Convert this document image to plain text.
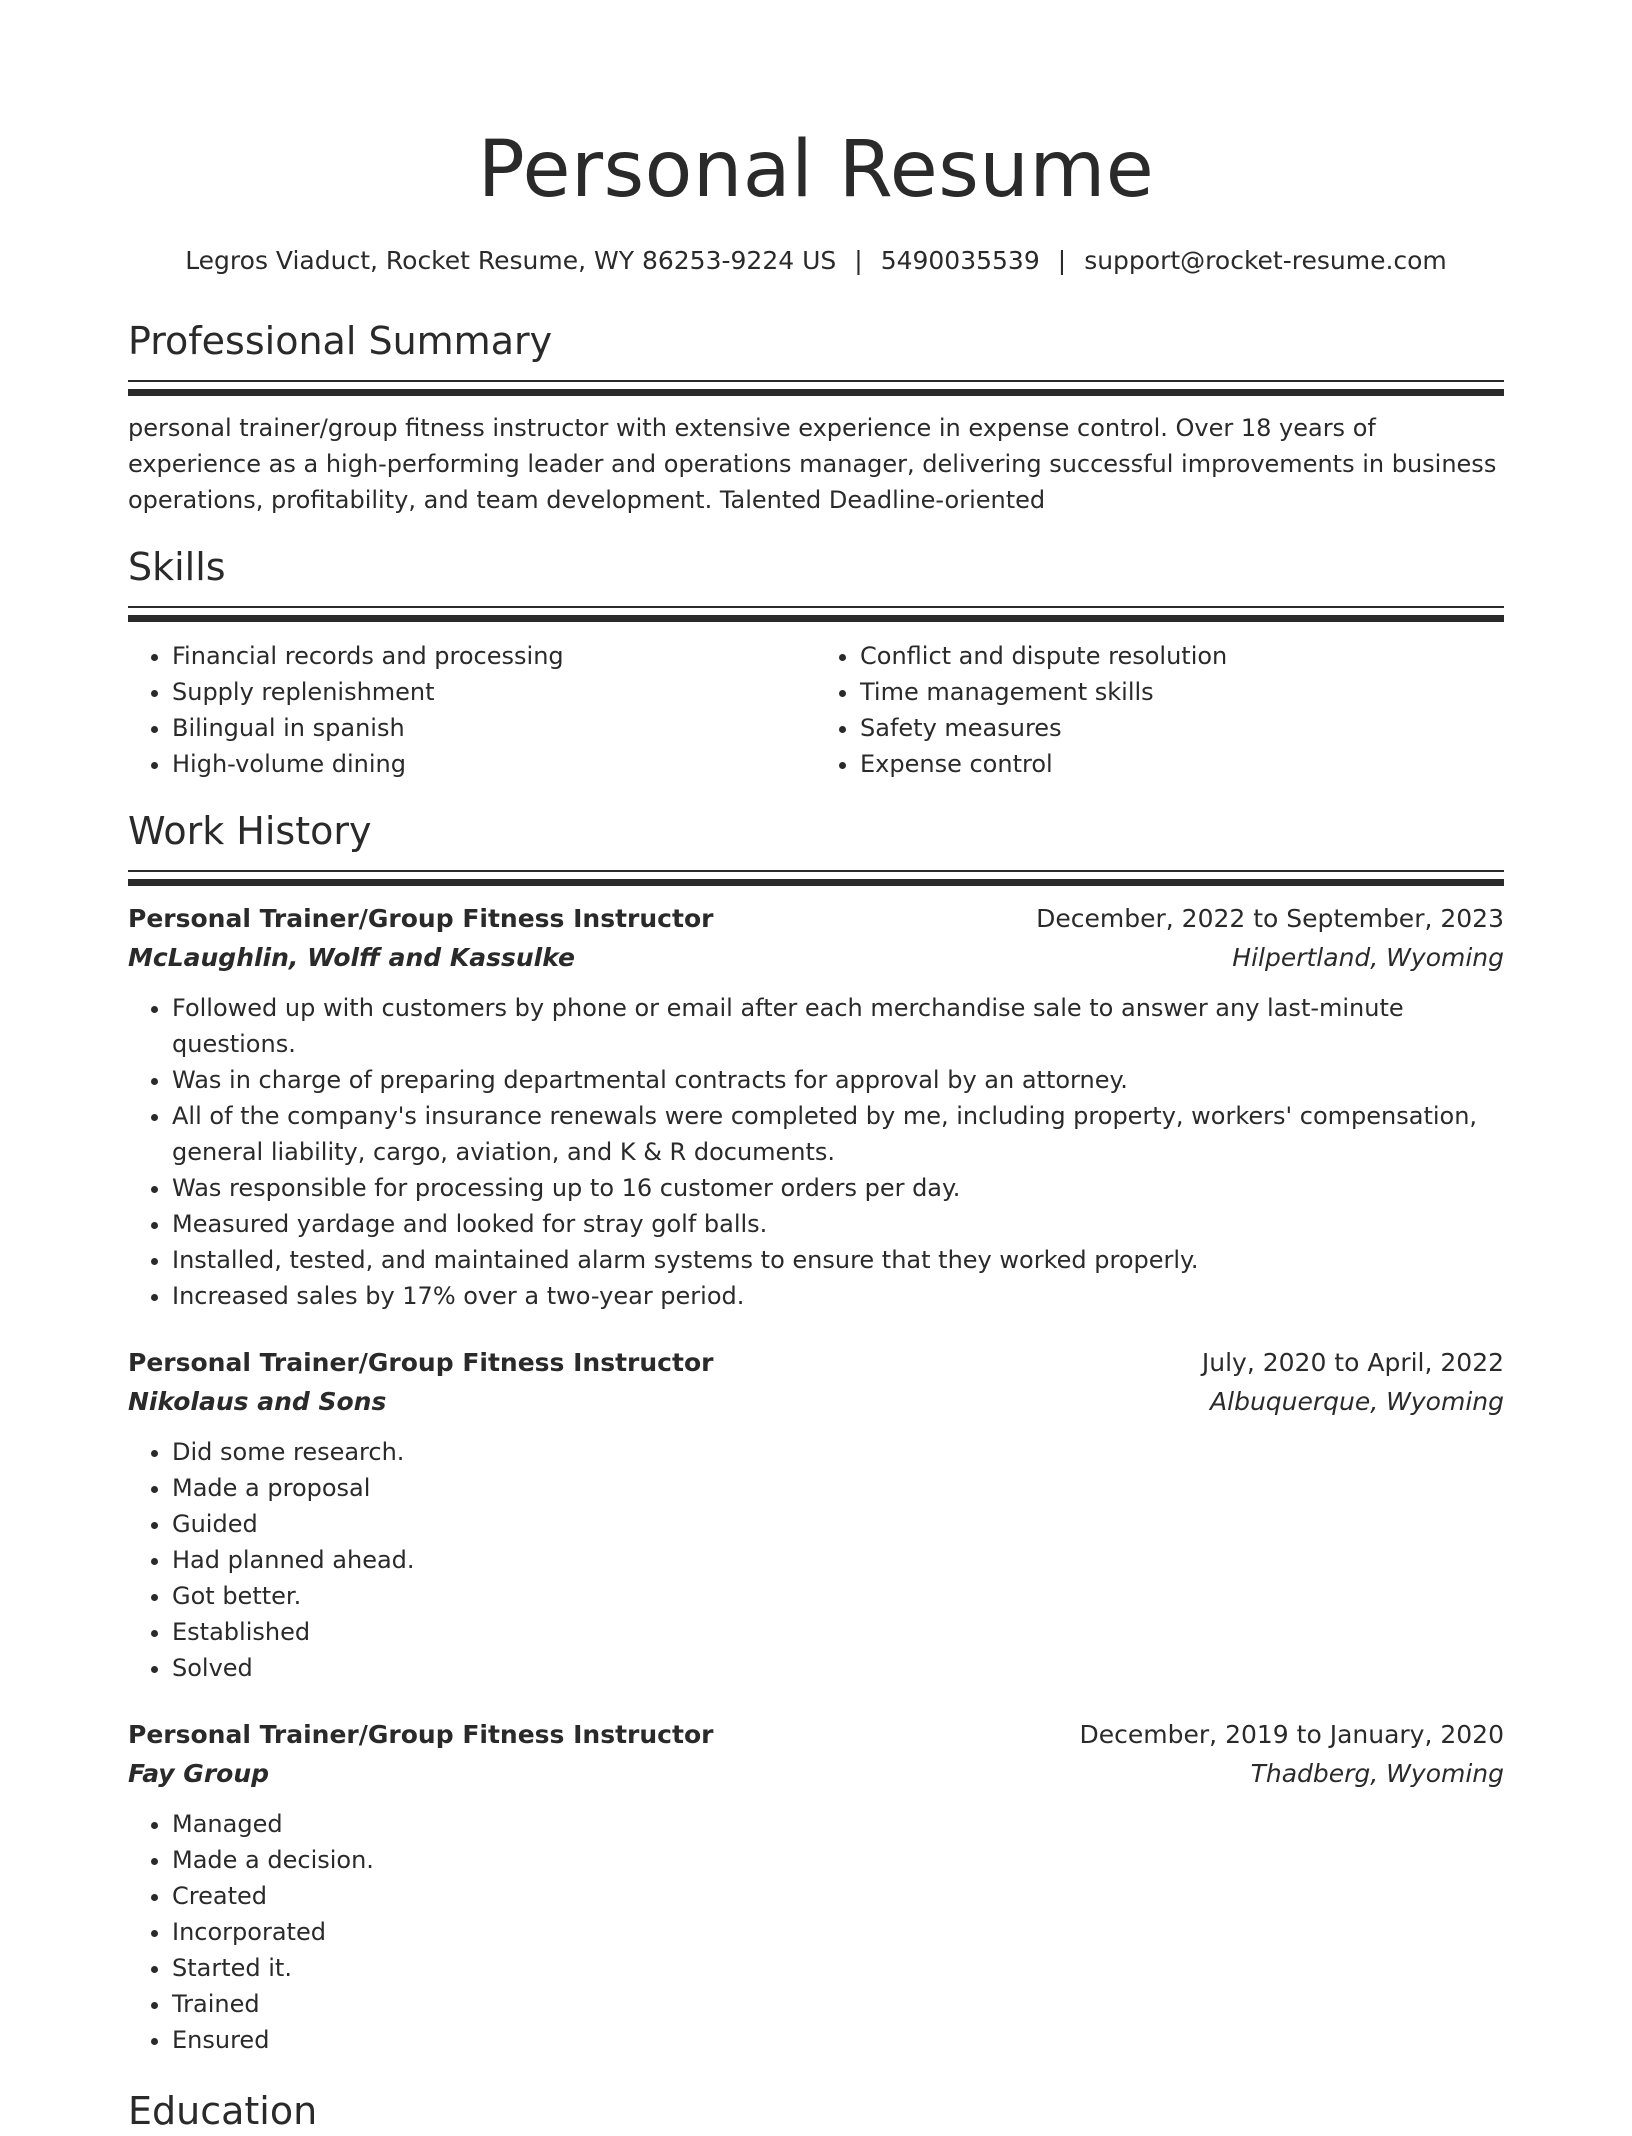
Personal Resume
Legros Viaduct, Rocket Resume, WY 86253-9224 US | 5490035539 | support@rocket-resume.com
Professional Summary

personal trainer/group fitness instructor with extensive experience in expense control. Over 18 years of experience as a high-performing leader and operations manager, delivering successful improvements in business operations, profitability, and team development. Talented Deadline-oriented

Skills
• Financial records and processing
• Supply replenishment
• Bilingual in spanish
• High-volume dining
• Conflict and dispute resolution
• Time management skills
• Safety measures
• Expense control
Work History
Personal Trainer/Group Fitness Instructor	December, 2022 to September, 2023
McLaughlin, Wolff and Kassulke	Hilpertland, Wyoming
• Followed up with customers by phone or email after each merchandise sale to answer any last-minute questions.
• Was in charge of preparing departmental contracts for approval by an attorney.
• All of the company's insurance renewals were completed by me, including property, workers' compensation, general liability, cargo, aviation, and K & R documents.
• Was responsible for processing up to 16 customer orders per day.
• Measured yardage and looked for stray golf balls.
• Installed, tested, and maintained alarm systems to ensure that they worked properly.
• Increased sales by 17% over a two-year period.
Personal Trainer/Group Fitness Instructor	July, 2020 to April, 2022
Nikolaus and Sons	Albuquerque, Wyoming
• Did some research.
• Made a proposal
• Guided
• Had planned ahead.
• Got better.
• Established
• Solved
Personal Trainer/Group Fitness Instructor	December, 2019 to January, 2020
Fay Group	Thadberg, Wyoming
• Managed
• Made a decision.
• Created
• Incorporated
• Started it.
• Trained
• Ensured
Education
